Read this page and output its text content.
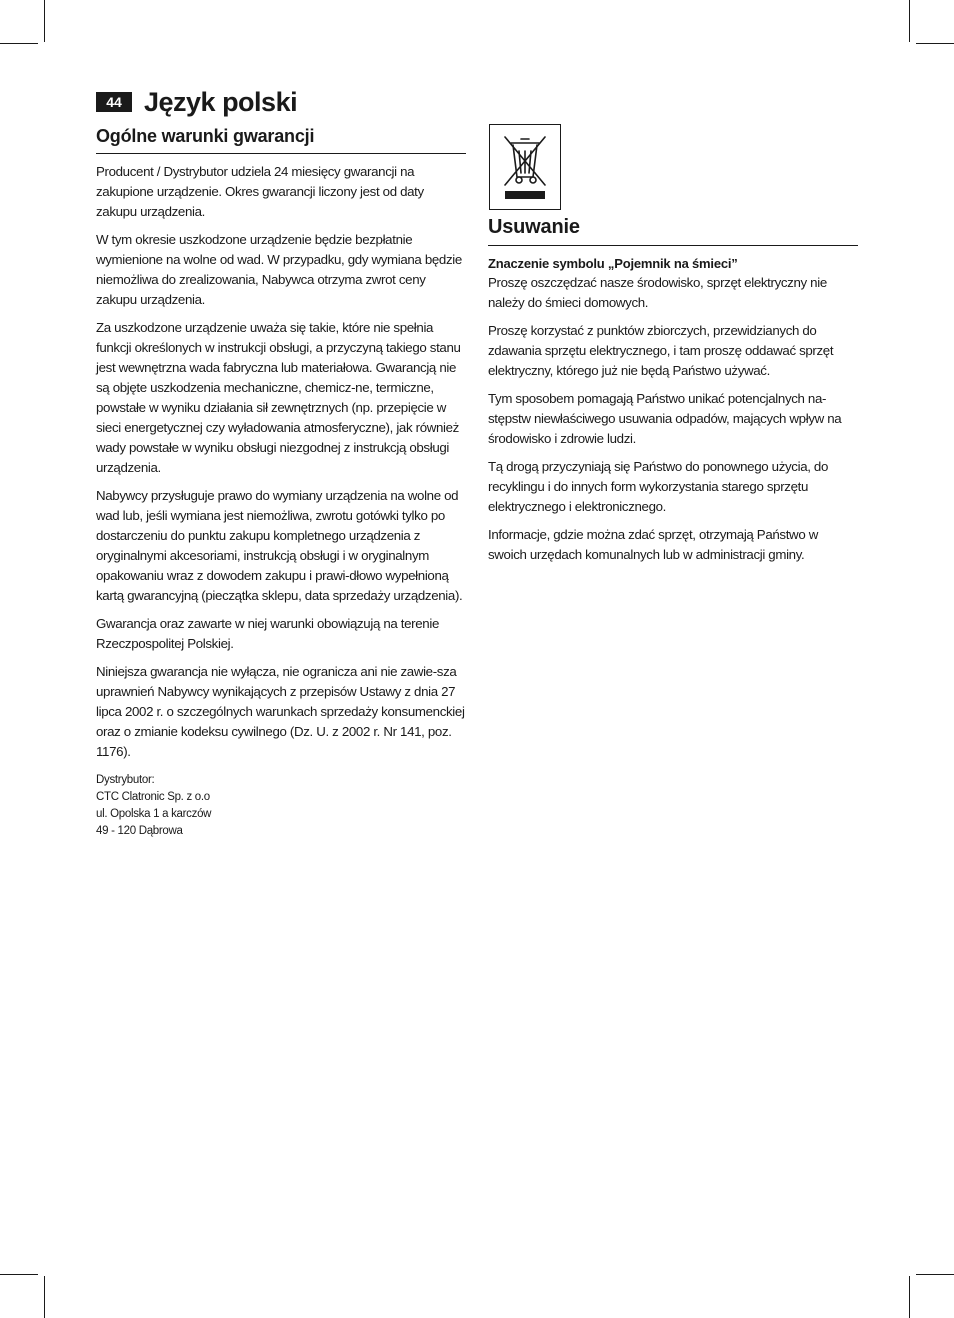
44 Język polski
Ogólne warunki gwarancji

Producent / Dystrybutor udziela 24 miesięcy gwarancji na zakupione urządzenie. Okres gwarancji liczony jest od daty zakupu urządzenia.

W tym okresie uszkodzone urządzenie będzie bezpłatnie wymienione na wolne od wad. W przypadku, gdy wymiana będzie niemożliwa do zrealizowania, Nabywca otrzyma zwrot ceny zakupu urządzenia.

Za uszkodzone urządzenie uważa się takie, które nie spełnia funkcji określonych w instrukcji obsługi, a przyczyną takiego stanu jest wewnętrzna wada fabryczna lub materiałowa. Gwarancją nie są objęte uszkodzenia mechaniczne, chemicz-ne, termiczne, powstałe w wyniku działania sił zewnętrznych (np. przepięcie w sieci energetycznej czy wyładowania atmosferyczne), jak również wady powstałe w wyniku obsługi niezgodnej z instrukcją obsługi urządzenia.

Nabywcy przysługuje prawo do wymiany urządzenia na wolne od wad lub, jeśli wymiana jest niemożliwa, zwrotu gotówki tylko po dostarczeniu do punktu zakupu kompletnego urządzenia z oryginalnymi akcesoriami, instrukcją obsługi i w oryginalnym opakowaniu wraz z dowodem zakupu i prawi-dłowo wypełnioną kartą gwarancyjną (pieczątka sklepu, data sprzedaży urządzenia).

Gwarancja oraz zawarte w niej warunki obowiązują na terenie Rzeczpospolitej Polskiej.

Niniejsza gwarancja nie wyłącza, nie ogranicza ani nie zawie-sza uprawnień Nabywcy wynikających z przepisów Ustawy z dnia 27 lipca 2002 r. o szczególnych warunkach sprzedaży konsumenckiej oraz o zmianie kodeksu cywilnego (Dz. U. z 2002 r. Nr 141, poz. 1176).

Dystrybutor:

CTC Clatronic Sp. z o.o

ul. Opolska 1 a karczów

49 - 120 Dąbrowa

Usuwanie

Znaczenie symbolu „Pojemnik na śmieci”

Proszę oszczędzać nasze środowisko, sprzęt elektryczny nie należy do śmieci domowych.

Proszę korzystać z punktów zbiorczych, przewidzianych do zdawania sprzętu elektrycznego, i tam proszę oddawać sprzęt elektryczny, którego już nie będą Państwo używać.

Tym sposobem pomagają Państwo unikać potencjalnych na-stępstw niewłaściwego usuwania odpadów, mających wpływ na środowisko i zdrowie ludzi.

Tą drogą przyczyniają się Państwo do ponownego użycia, do recyklingu i do innych form wykorzystania starego sprzętu elektrycznego i elektronicznego.

Informacje, gdzie można zdać sprzęt, otrzymają Państwo w swoich urzędach komunalnych lub w administracji gminy.
